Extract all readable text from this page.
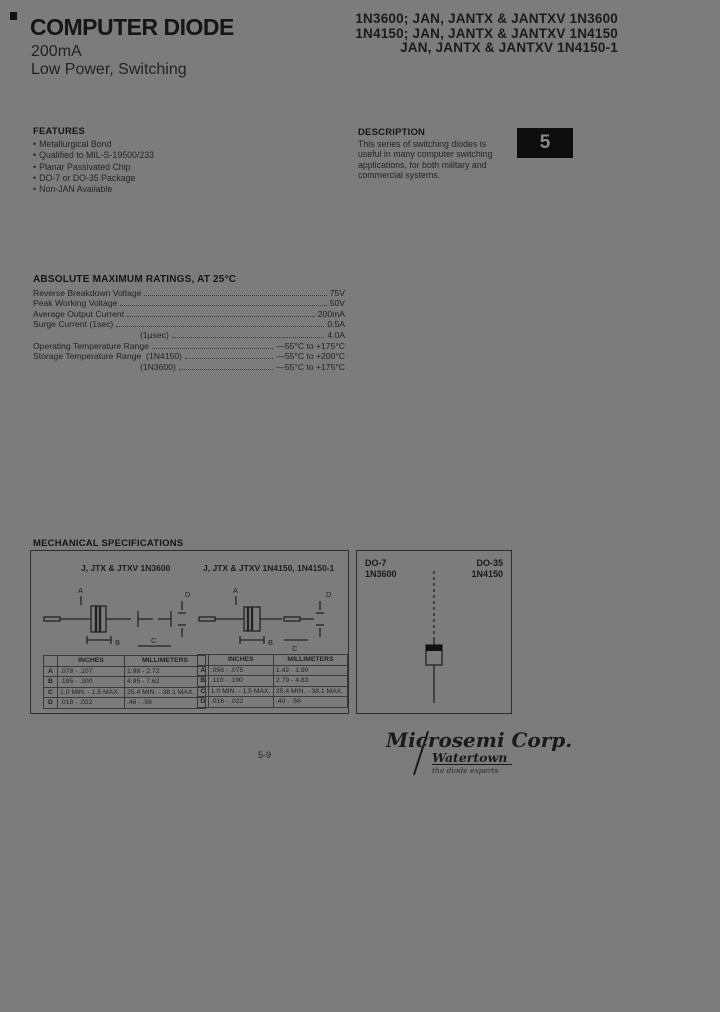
COMPUTER DIODE
200mA
Low Power, Switching
1N3600; JAN, JANTX & JANTXV 1N3600
1N4150; JAN, JANTX & JANTXV 1N4150
JAN, JANTX & JANTXV 1N4150-1
FEATURES
• Metallurgical Bond
• Qualified to MIL-S-19500/233
• Planar Passivated Chip
• DO-7 or DO-35 Package
• Non-JAN Available
DESCRIPTION
This series of switching diodes is useful in many computer switching applications, for both military and commercial systems.
5
ABSOLUTE MAXIMUM RATINGS, AT 25°C
Reverse Breakdown Voltage	75V
Peak Working Voltage	50V
Average Output Current	200mA
Surge Current (1sec)	0.5A
(1μsec)	4.0A
Operating Temperature Range	—55°C to +175°C
Storage Temperature Range  (1N4150)	—55°C to +200°C
(1N3600)	—55°C to +175°C
MECHANICAL SPECIFICATIONS
J, JTX & JTXV 1N3600	J, JTX & JTXV 1N4150, 1N4150-1
A
B	C
D	A
B
C
D
	INCHES	MILLIMETERS
A	.078 - .107	1.98 - 2.72
B	.195 - .300	4.95 - 7.62
C	1.0 MIN. - 1.5 MAX.	25.4 MIN. - 38.1 MAX.
D	.018 - .022	.46 - .56
	INCHES	MILLIMETERS
A	.056 - .075	1.42 - 1.90
B	.110 - .190	2.79 - 4.83
C	1.0 MIN. - 1.5 MAX.	25.4 MIN. - 38.1 MAX.
D	.016 - .022	.40 - .56
DO-7
1N3600
DO-35
1N4150
5-9
Microsemi Corp.
Watertown
the diode experts
